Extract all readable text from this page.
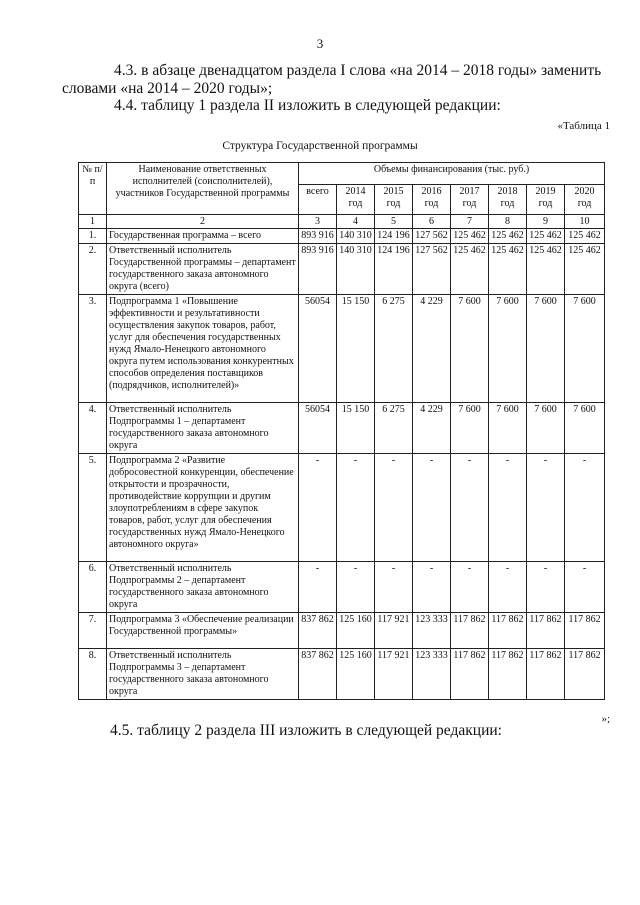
3
4.3. в абзаце двенадцатом раздела I слова «на 2014 – 2018 годы» заменить словами «на 2014 – 2020 годы»;
4.4. таблицу 1 раздела II изложить в следующей редакции:
«Таблица 1
Структура Государственной программы
№ п/п	Наименование ответственных исполнителей (соисполнителей), участников Государственной программы	Объемы финансирования (тыс. руб.)							
		всего	2014 год	2015 год	2016 год	2017 год	2018 год	2019 год	2020 год
1	2	3	4	5	6	7	8	9	10
1.	Государственная программа – всего	893 916	140 310	124 196	127 562	125 462	125 462	125 462	125 462
2.	Ответственный исполнитель Государственной программы – департамент государственного заказа автономного округа (всего)	893 916	140 310	124 196	127 562	125 462	125 462	125 462	125 462
3.	Подпрограмма 1 «Повышение эффективности и результативности осуществления закупок товаров, работ, услуг для обеспечения государственных нужд Ямало-Ненецкого автономного округа путем использования конкурентных способов определения поставщиков (подрядчиков, исполнителей)»	56054	15 150	6 275	4 229	7 600	7 600	7 600	7 600
4.	Ответственный исполнитель Подпрограммы 1 – департамент государственного заказа автономного округа	56054	15 150	6 275	4 229	7 600	7 600	7 600	7 600
5.	Подпрограмма 2 «Развитие добросовестной конкуренции, обеспечение открытости и прозрачности, противодействие коррупции и другим злоупотреблениям в сфере закупок товаров, работ, услуг для обеспечения государственных нужд Ямало-Ненецкого автономного округа»	-	-	-	-	-	-	-	-
6.	Ответственный исполнитель Подпрограммы 2 – департамент государственного заказа автономного округа	-	-	-	-	-	-	-	-
7.	Подпрограмма 3 «Обеспечение реализации Государственной программы»	837 862	125 160	117 921	123 333	117 862	117 862	117 862	117 862
8.	Ответственный исполнитель Подпрограммы 3 – департамент государственного заказа автономного округа	837 862	125 160	117 921	123 333	117 862	117 862	117 862	117 862
»;
4.5. таблицу 2 раздела III изложить в следующей редакции:
